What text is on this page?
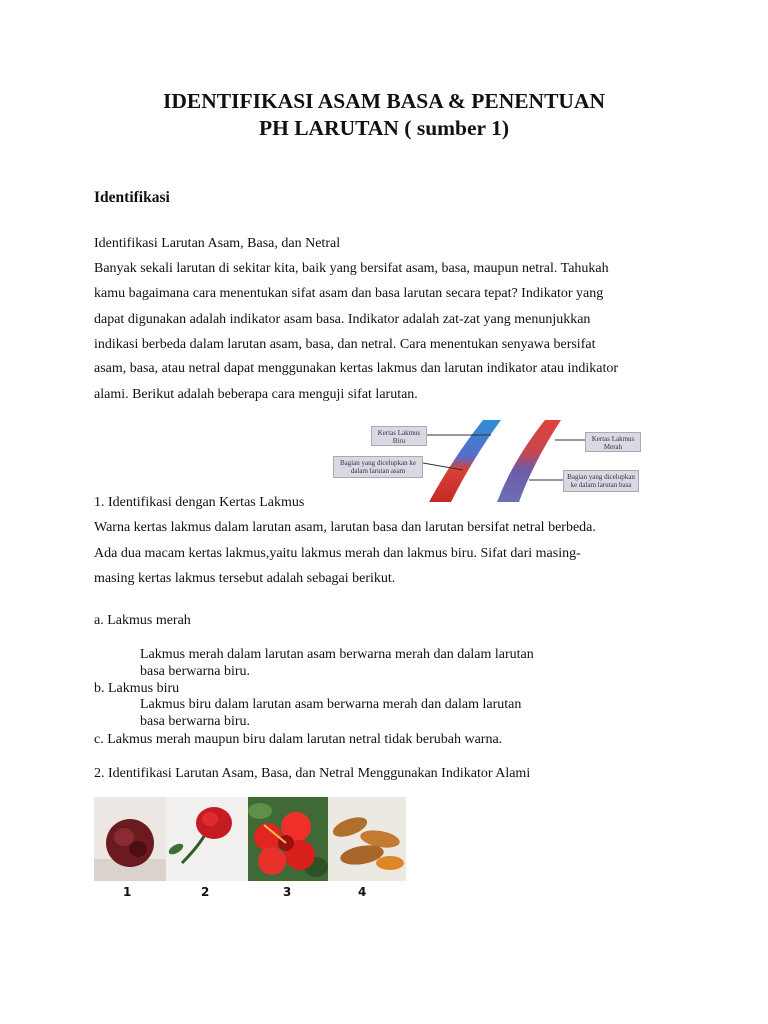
IDENTIFIKASI ASAM BASA & PENENTUAN
PH LARUTAN ( sumber 1)
Identifikasi
Identifikasi Larutan Asam, Basa, dan Netral
Banyak sekali larutan di sekitar kita, baik yang bersifat asam, basa, maupun netral. Tahukah
kamu bagaimana cara menentukan sifat asam dan basa larutan secara tepat? Indikator yang
dapat digunakan adalah indikator asam basa. Indikator adalah zat-zat yang menunjukkan
indikasi berbeda dalam larutan asam, basa, dan netral. Cara menentukan senyawa bersifat
asam, basa, atau netral dapat menggunakan kertas lakmus dan larutan indikator atau indikator
alami. Berikut adalah beberapa cara menguji sifat larutan.
Kertas Lakmus Biru	Kertas Lakmus Merah
Bagian yang dicelupkan ke dalam larutan asam
Bagian yang dicelupkan ke dalam larutan basa
1. Identifikasi dengan Kertas Lakmus
Warna kertas lakmus dalam larutan asam, larutan basa dan larutan bersifat netral berbeda.
Ada dua macam kertas lakmus,yaitu lakmus merah dan lakmus biru. Sifat dari masing-
masing kertas lakmus tersebut adalah sebagai berikut.
a. Lakmus merah
Lakmus merah dalam larutan asam berwarna merah dan dalam larutan
basa berwarna biru.
b. Lakmus biru
Lakmus biru dalam larutan asam berwarna merah dan dalam larutan
basa berwarna biru.
c. Lakmus merah maupun biru dalam larutan netral tidak berubah warna.
2. Identifikasi Larutan Asam, Basa, dan Netral Menggunakan Indikator Alami
1	2	3	4
